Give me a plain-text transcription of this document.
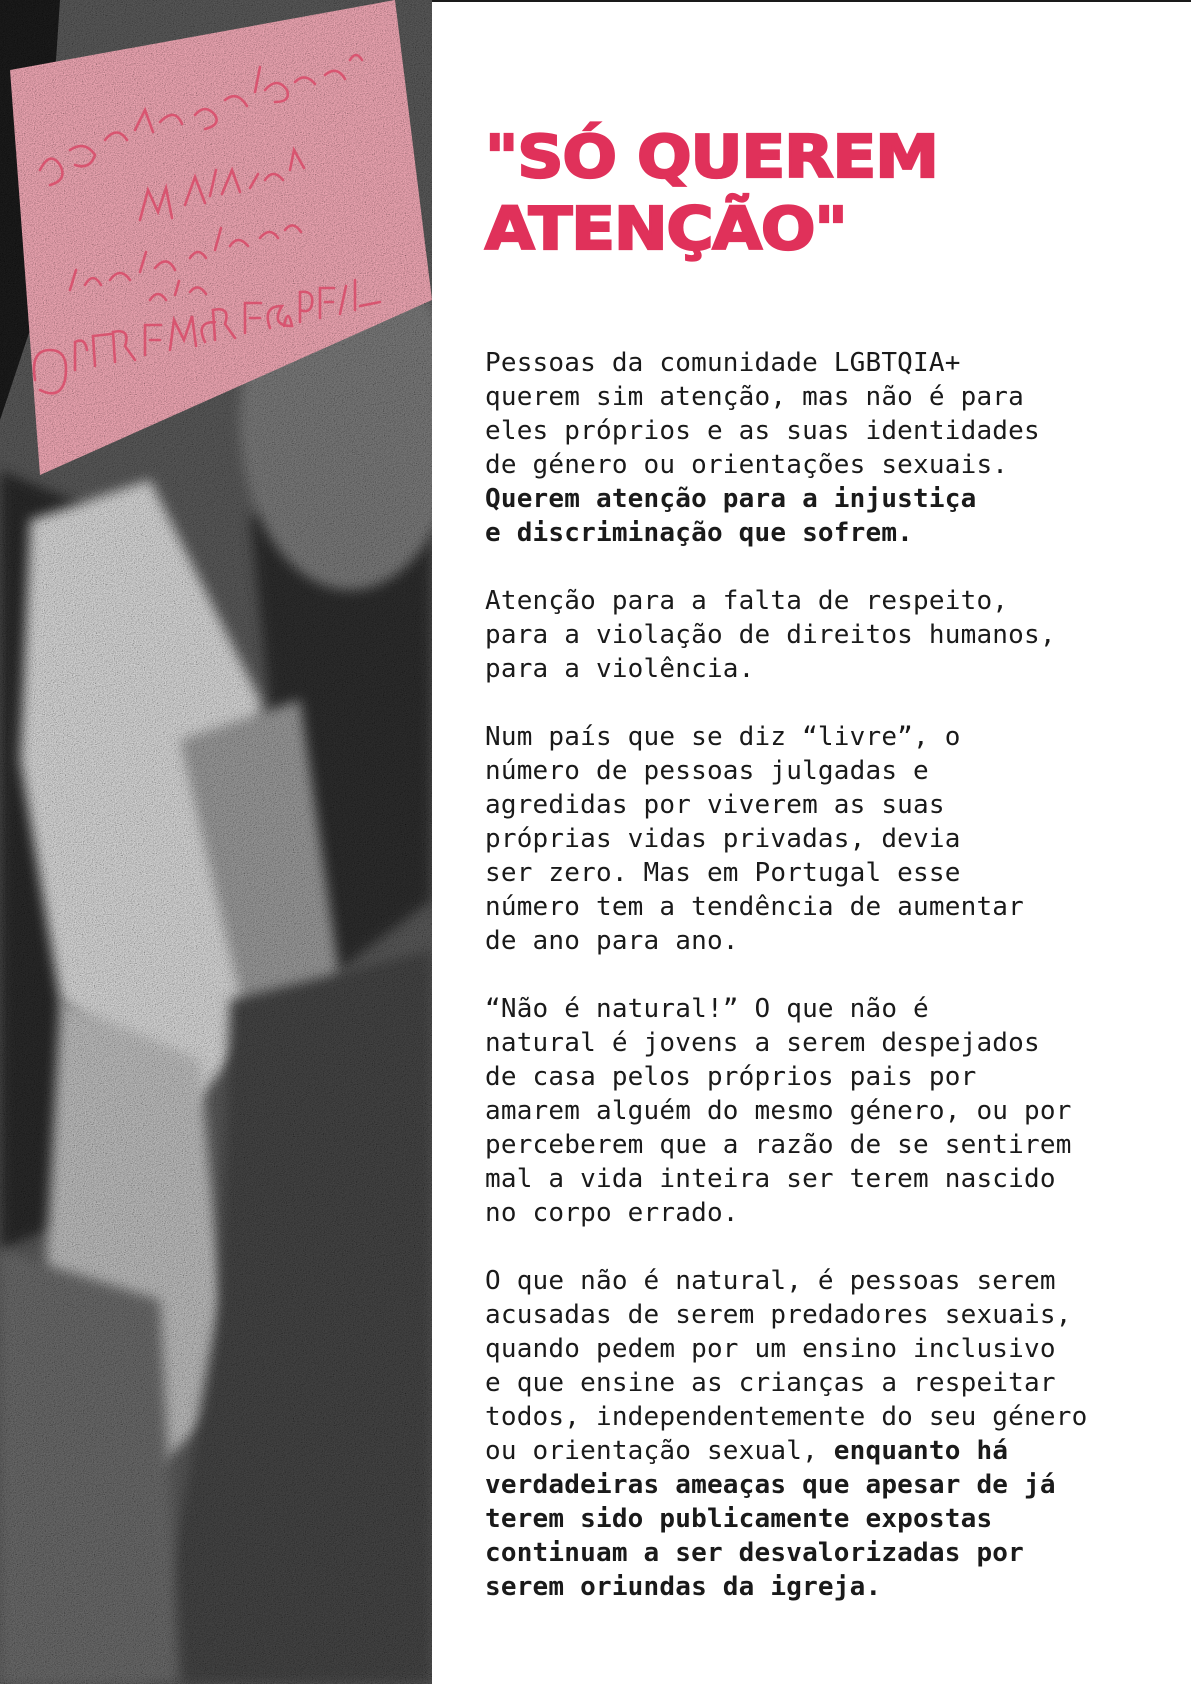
"SÓ QUEREM
ATENÇÃO"

Pessoas da comunidade LGBTQIA+
querem sim atenção, mas não é para
eles próprios e as suas identidades
de género ou orientações sexuais.
Querem atenção para a injustiça
e discriminação que sofrem.

Atenção para a falta de respeito,
para a violação de direitos humanos,
para a violência.

Num país que se diz “livre”, o
número de pessoas julgadas e
agredidas por viverem as suas
próprias vidas privadas, devia
ser zero. Mas em Portugal esse
número tem a tendência de aumentar
de ano para ano.

“Não é natural!” O que não é
natural é jovens a serem despejados
de casa pelos próprios pais por
amarem alguém do mesmo género, ou por
perceberem que a razão de se sentirem
mal a vida inteira ser terem nascido
no corpo errado.

O que não é natural, é pessoas serem
acusadas de serem predadores sexuais,
quando pedem por um ensino inclusivo
e que ensine as crianças a respeitar
todos, independentemente do seu género
ou orientação sexual, enquanto há
verdadeiras ameaças que apesar de já
terem sido publicamente expostas
continuam a ser desvalorizadas por
serem oriundas da igreja.
